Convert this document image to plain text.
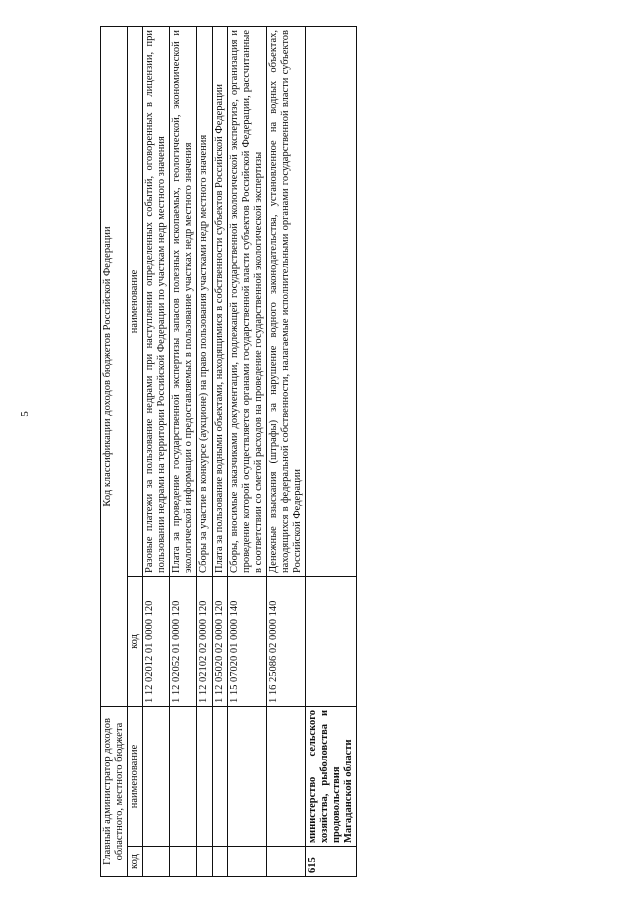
5
Главный администратор доходов областного, местного бюджета		Код классификации доходов бюджетов Российской Федерации	
код	наименование	код	наименование
		1 12 02012 01 0000 120	Разовые платежи за пользование недрами при наступлении определенных событий, оговоренных в лицензии, при пользовании недрами на территории Российской Федерации по участкам недр местного значения
		1 12 02052 01 0000 120	Плата за проведение государственной экспертизы запасов полезных ископаемых, геологической, экономической и экологической информации о предоставляемых в пользование участках недр местного значения
		1 12 02102 02 0000 120	Сборы за участие в конкурсе (аукционе) на право пользования участками недр местного значения
		1 12 05020 02 0000 120	Плата за пользование водными объектами, находящимися в собственности субъектов Российской Федерации
		1 15 07020 01 0000 140	Сборы, вносимые заказчиками документации, подлежащей государственной экологической экспертизе, организация и проведение которой осуществляется органами государственной власти субъектов Российской Федерации, рассчитанные в соответствии со сметой расходов на проведение государственной экологической экспертизы
		1 16 25086 02 0000 140	Денежные взыскания (штрафы) за нарушение водного законодательства, установленное на водных объектах, находящихся в федеральной собственности, налагаемые исполнительными органами государственной власти субъектов Российской Федерации
615	министерство сельского хозяйства, рыболовства и продовольствия Магаданской области		
